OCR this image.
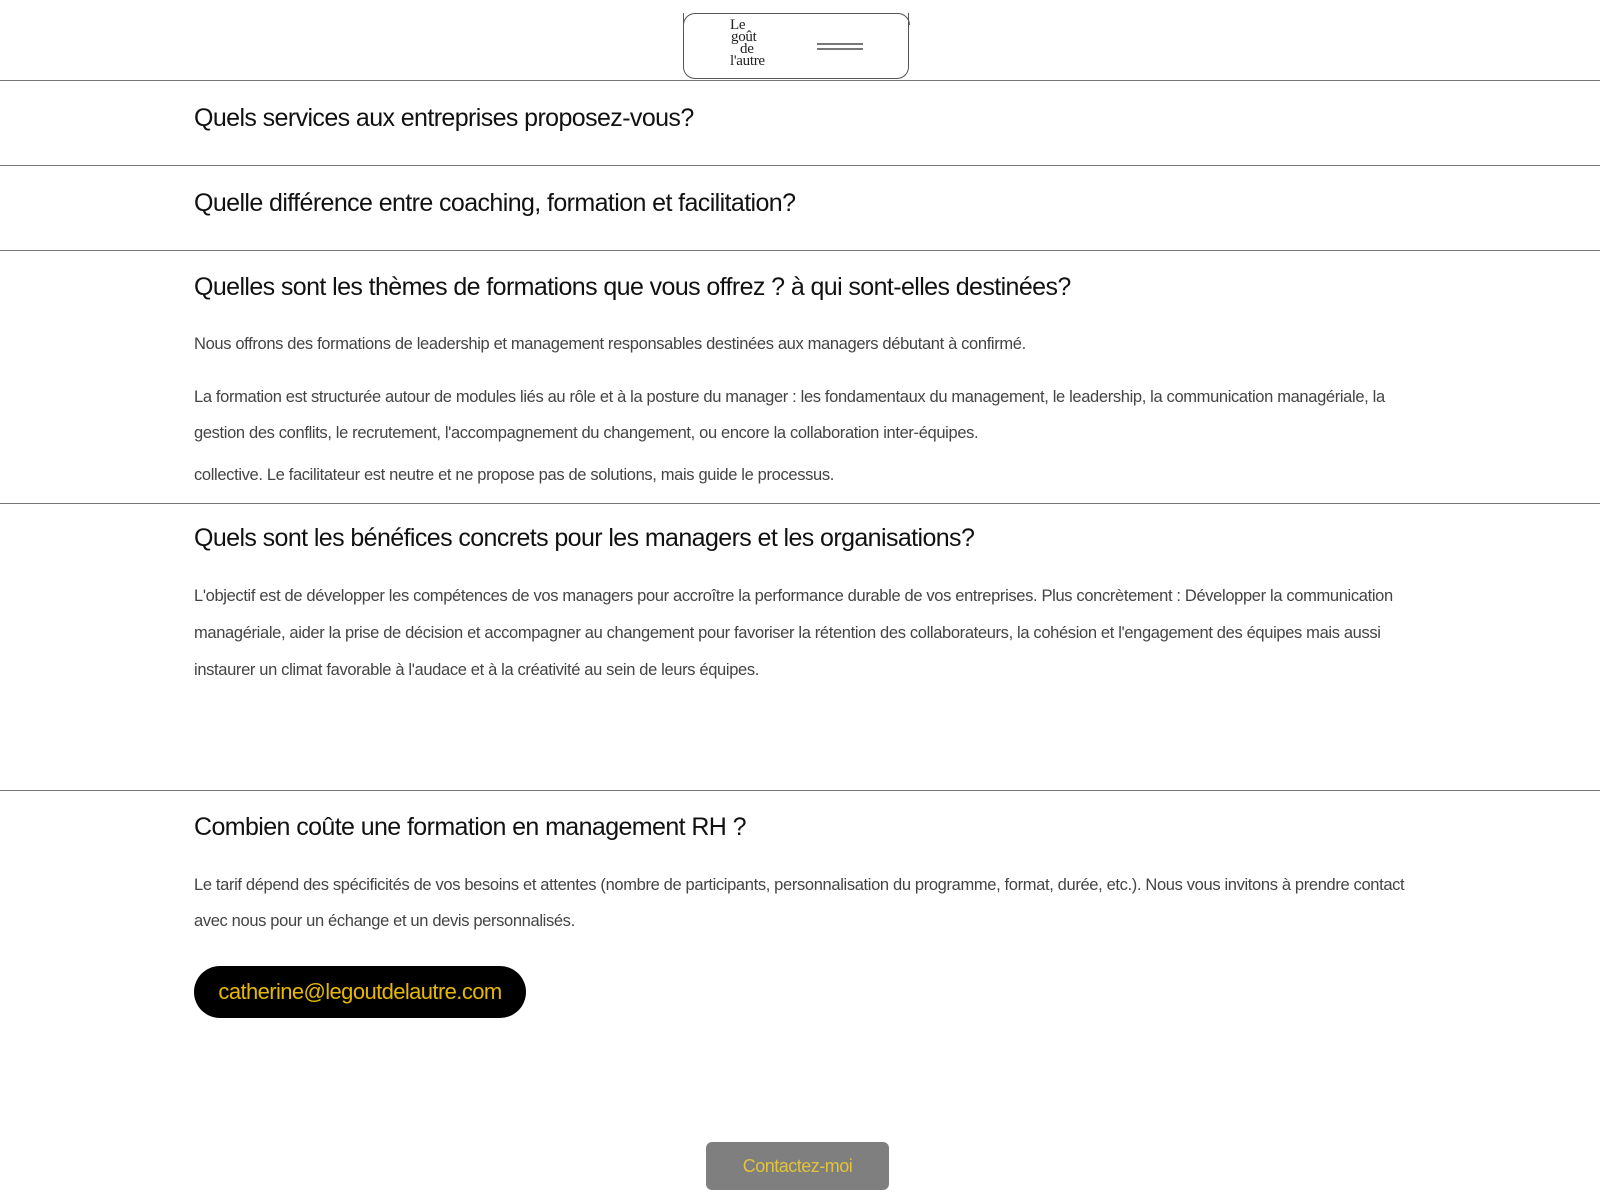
Le
goût
de
l'autre
Quels services aux entreprises proposez-vous?
Quelle différence entre coaching, formation et facilitation?
Quelles sont les thèmes de formations que vous offrez ? à qui sont-elles destinées?
Nous offrons des formations de leadership et management responsables destinées aux managers débutant à confirmé.
La formation est structurée autour de modules liés au rôle et à la posture du manager : les fondamentaux du management, le leadership, la communication managériale, la
gestion des conflits, le recrutement, l'accompagnement du changement, ou encore la collaboration inter-équipes.
collective. Le facilitateur est neutre et ne propose pas de solutions, mais guide le processus.
Quels sont les bénéfices concrets pour les managers et les organisations?
L'objectif est de développer les compétences de vos managers pour accroître la performance durable de vos entreprises. Plus concrètement : Développer la communication
managériale, aider la prise de décision et accompagner au changement pour favoriser la rétention des collaborateurs, la cohésion et l'engagement des équipes mais aussi
instaurer un climat favorable à l'audace et à la créativité au sein de leurs équipes.
Combien coûte une formation en management RH ?
Le tarif dépend des spécificités de vos besoins et attentes (nombre de participants, personnalisation du programme, format, durée, etc.). Nous vous invitons à prendre contact
avec nous pour un échange et un devis personnalisés.
catherine@legoutdelautre.com
Contactez-moi
